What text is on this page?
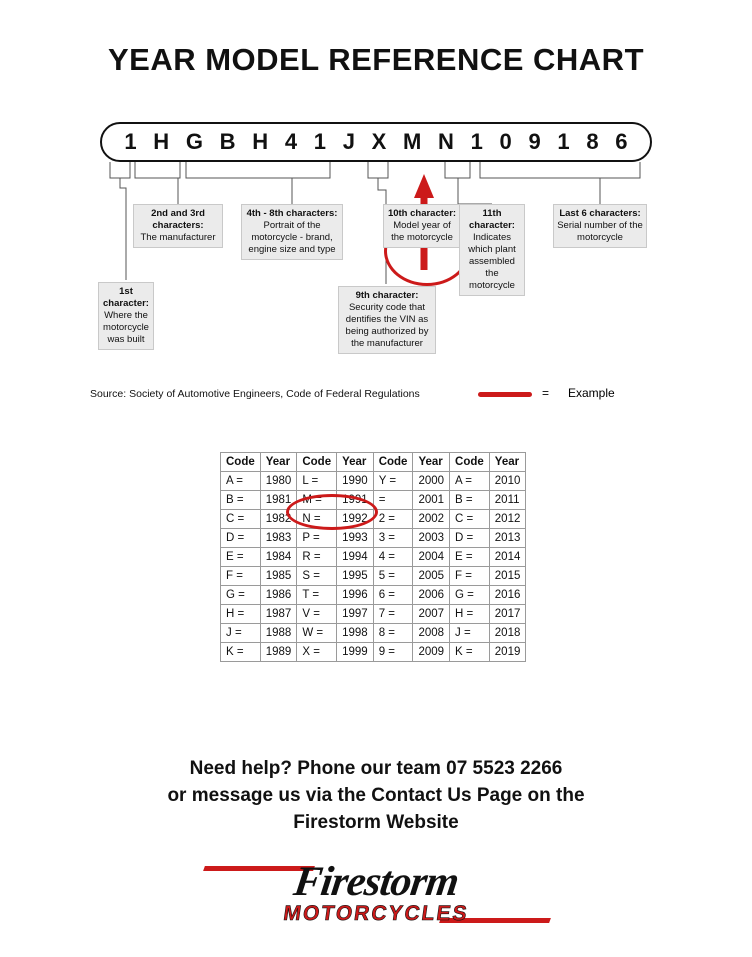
YEAR MODEL REFERENCE CHART
1 H G B H 4 1 J X M N 1 0 9 1 8 6
1st character:
Where the motorcycle was built
2nd and 3rd characters:
The manufacturer
4th - 8th characters:
Portrait of the motorcycle - brand, engine size and type
9th character:
Security code that dentifies the VIN as being authorized by the manufacturer
10th character:
Model year of the motorcycle
11th character:
Indicates which plant assembled the motorcycle
Last 6 characters:
Serial number of the motorcycle
Source: Society of Automotive Engineers, Code of Federal Regulations	= Example
Code	Year	Code	Year	Code	Year	Code	Year
A =	1980	L =	1990	Y =	2000	A =	2010
B =	1981	M =	1991	=	2001	B =	2011
C =	1982	N =	1992	2 =	2002	C =	2012
D =	1983	P =	1993	3 =	2003	D =	2013
E =	1984	R =	1994	4 =	2004	E =	2014
F =	1985	S =	1995	5 =	2005	F =	2015
G =	1986	T =	1996	6 =	2006	G =	2016
H =	1987	V =	1997	7 =	2007	H =	2017
J =	1988	W =	1998	8 =	2008	J =	2018
K =	1989	X =	1999	9 =	2009	K =	2019
Need help? Phone our team 07 5523 2266
or message us via the Contact Us Page on the
Firestorm Website
Firestorm
MOTORCYCLES
